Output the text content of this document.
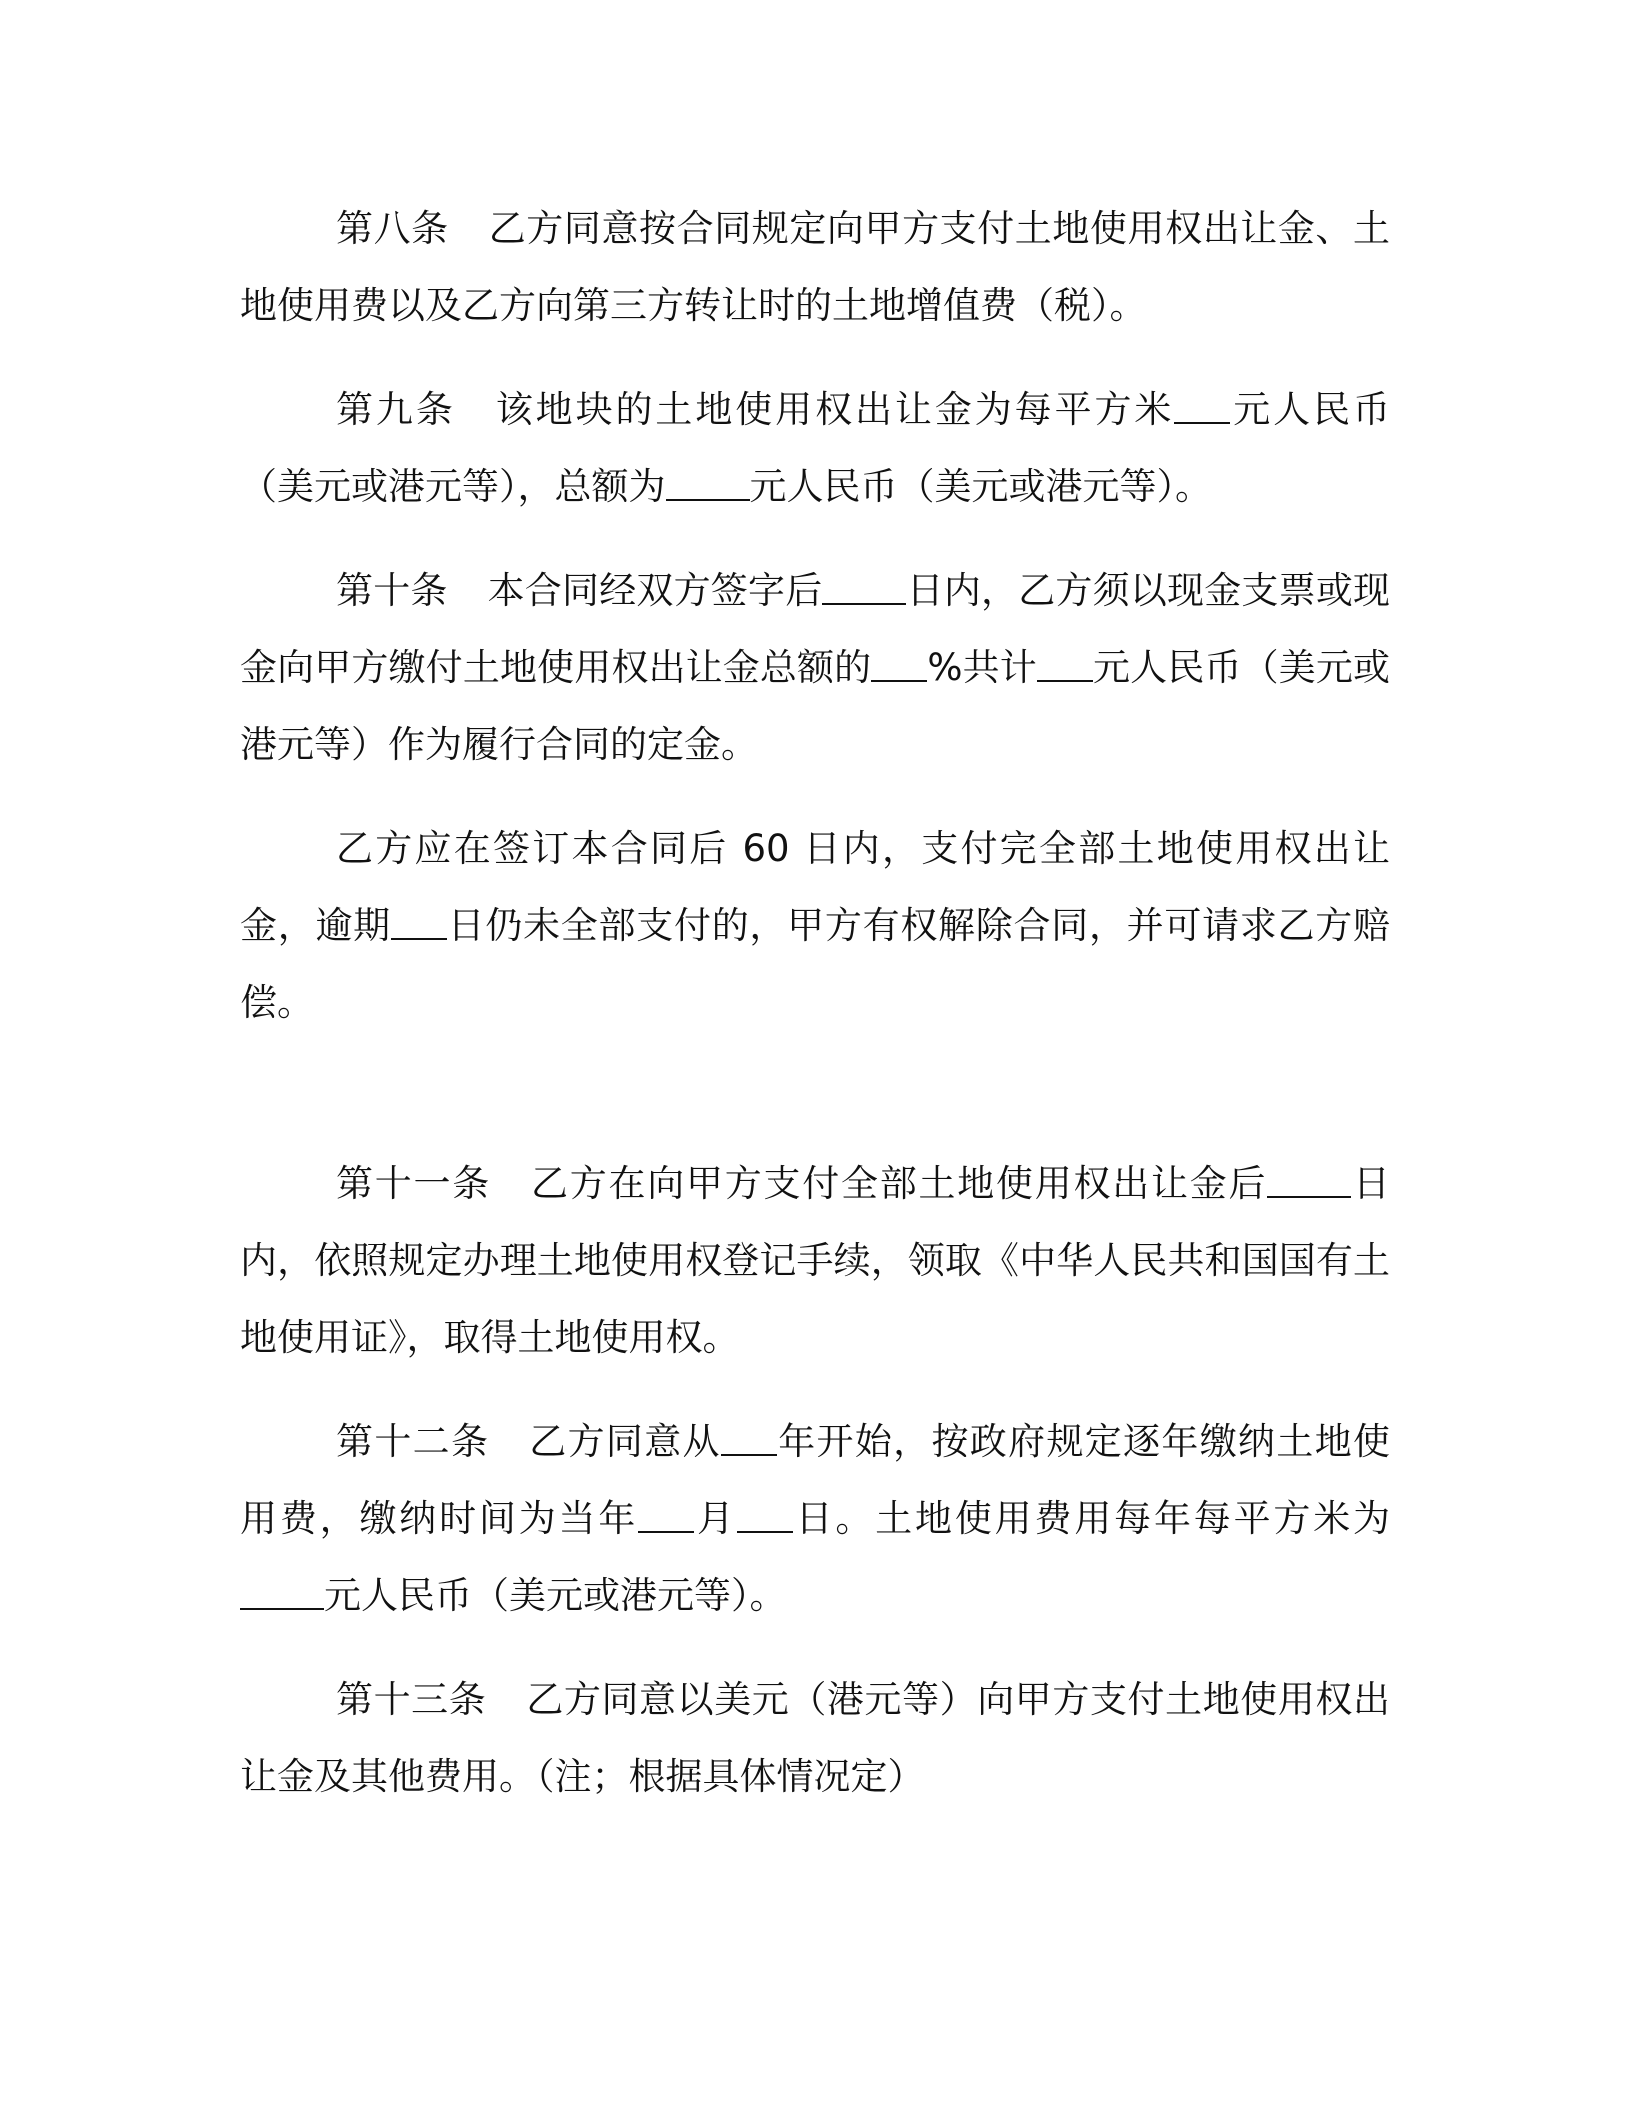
第八条 乙方同意按合同规定向甲方支付土地使用权出让金、土地使用费以及乙方向第三方转让时的土地增值费（税）。

第九条 该地块的土地使用权出让金为每平方米 元人民币（美元或港元等），总额为 元人民币（美元或港元等）。

第十条 本合同经双方签字后 日内，乙方须以现金支票或现金向甲方缴付土地使用权出让金总额的 %共计 元人民币（美元或港元等）作为履行合同的定金。

乙方应在签订本合同后 60 日内，支付完全部土地使用权出让金，逾期 日仍未全部支付的，甲方有权解除合同，并可请求乙方赔偿。

第十一条 乙方在向甲方支付全部土地使用权出让金后 日内，依照规定办理土地使用权登记手续，领取《中华人民共和国国有土地使用证》，取得土地使用权。

第十二条 乙方同意从 年开始，按政府规定逐年缴纳土地使用费，缴纳时间为当年 月 日。土地使用费用每年每平方米为元人民币（美元或港元等）。

第十三条 乙方同意以美元（港元等）向甲方支付土地使用权出让金及其他费用。（注；根据具体情况定）
